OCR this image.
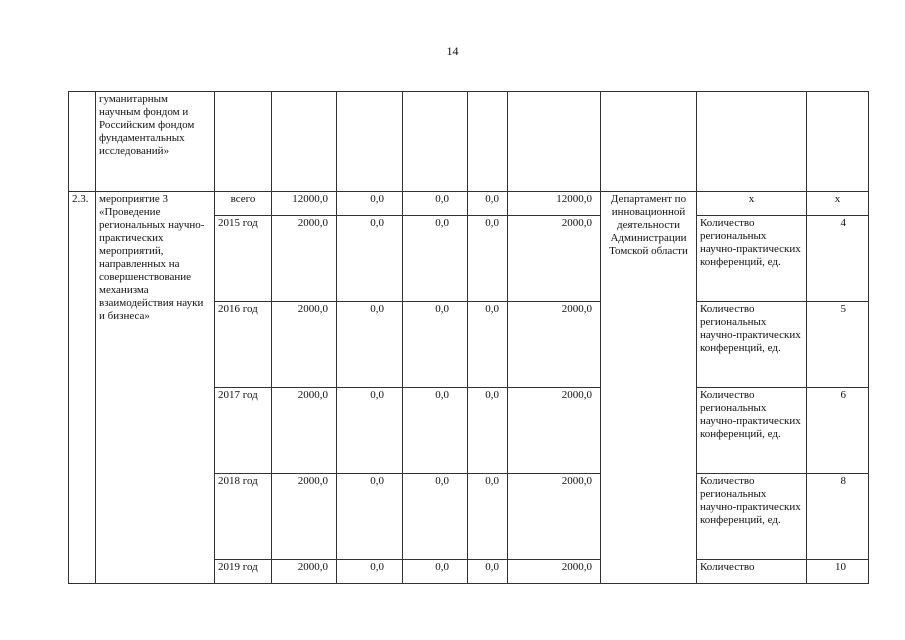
14
	гуманитарным научным фондом и Российским фондом фундаментальных исследований»									
2.3.	мероприятие 3 «Проведение региональных научно-практических мероприятий, направленных на совершенствование механизма взаимодействия науки и бизнеса»	всего	12000,0	0,0	0,0	0,0	12000,0	Департамент по инновационной деятельности Администрации Томской области	x	x
		2015 год	2000,0	0,0	0,0	0,0	2000,0		Количество региональных научно-практических конференций, ед.	4
		2016 год	2000,0	0,0	0,0	0,0	2000,0		Количество региональных научно-практических конференций, ед.	5
		2017 год	2000,0	0,0	0,0	0,0	2000,0		Количество региональных научно-практических конференций, ед.	6
		2018 год	2000,0	0,0	0,0	0,0	2000,0		Количество региональных научно-практических конференций, ед.	8
		2019 год	2000,0	0,0	0,0	0,0	2000,0		Количество	10
